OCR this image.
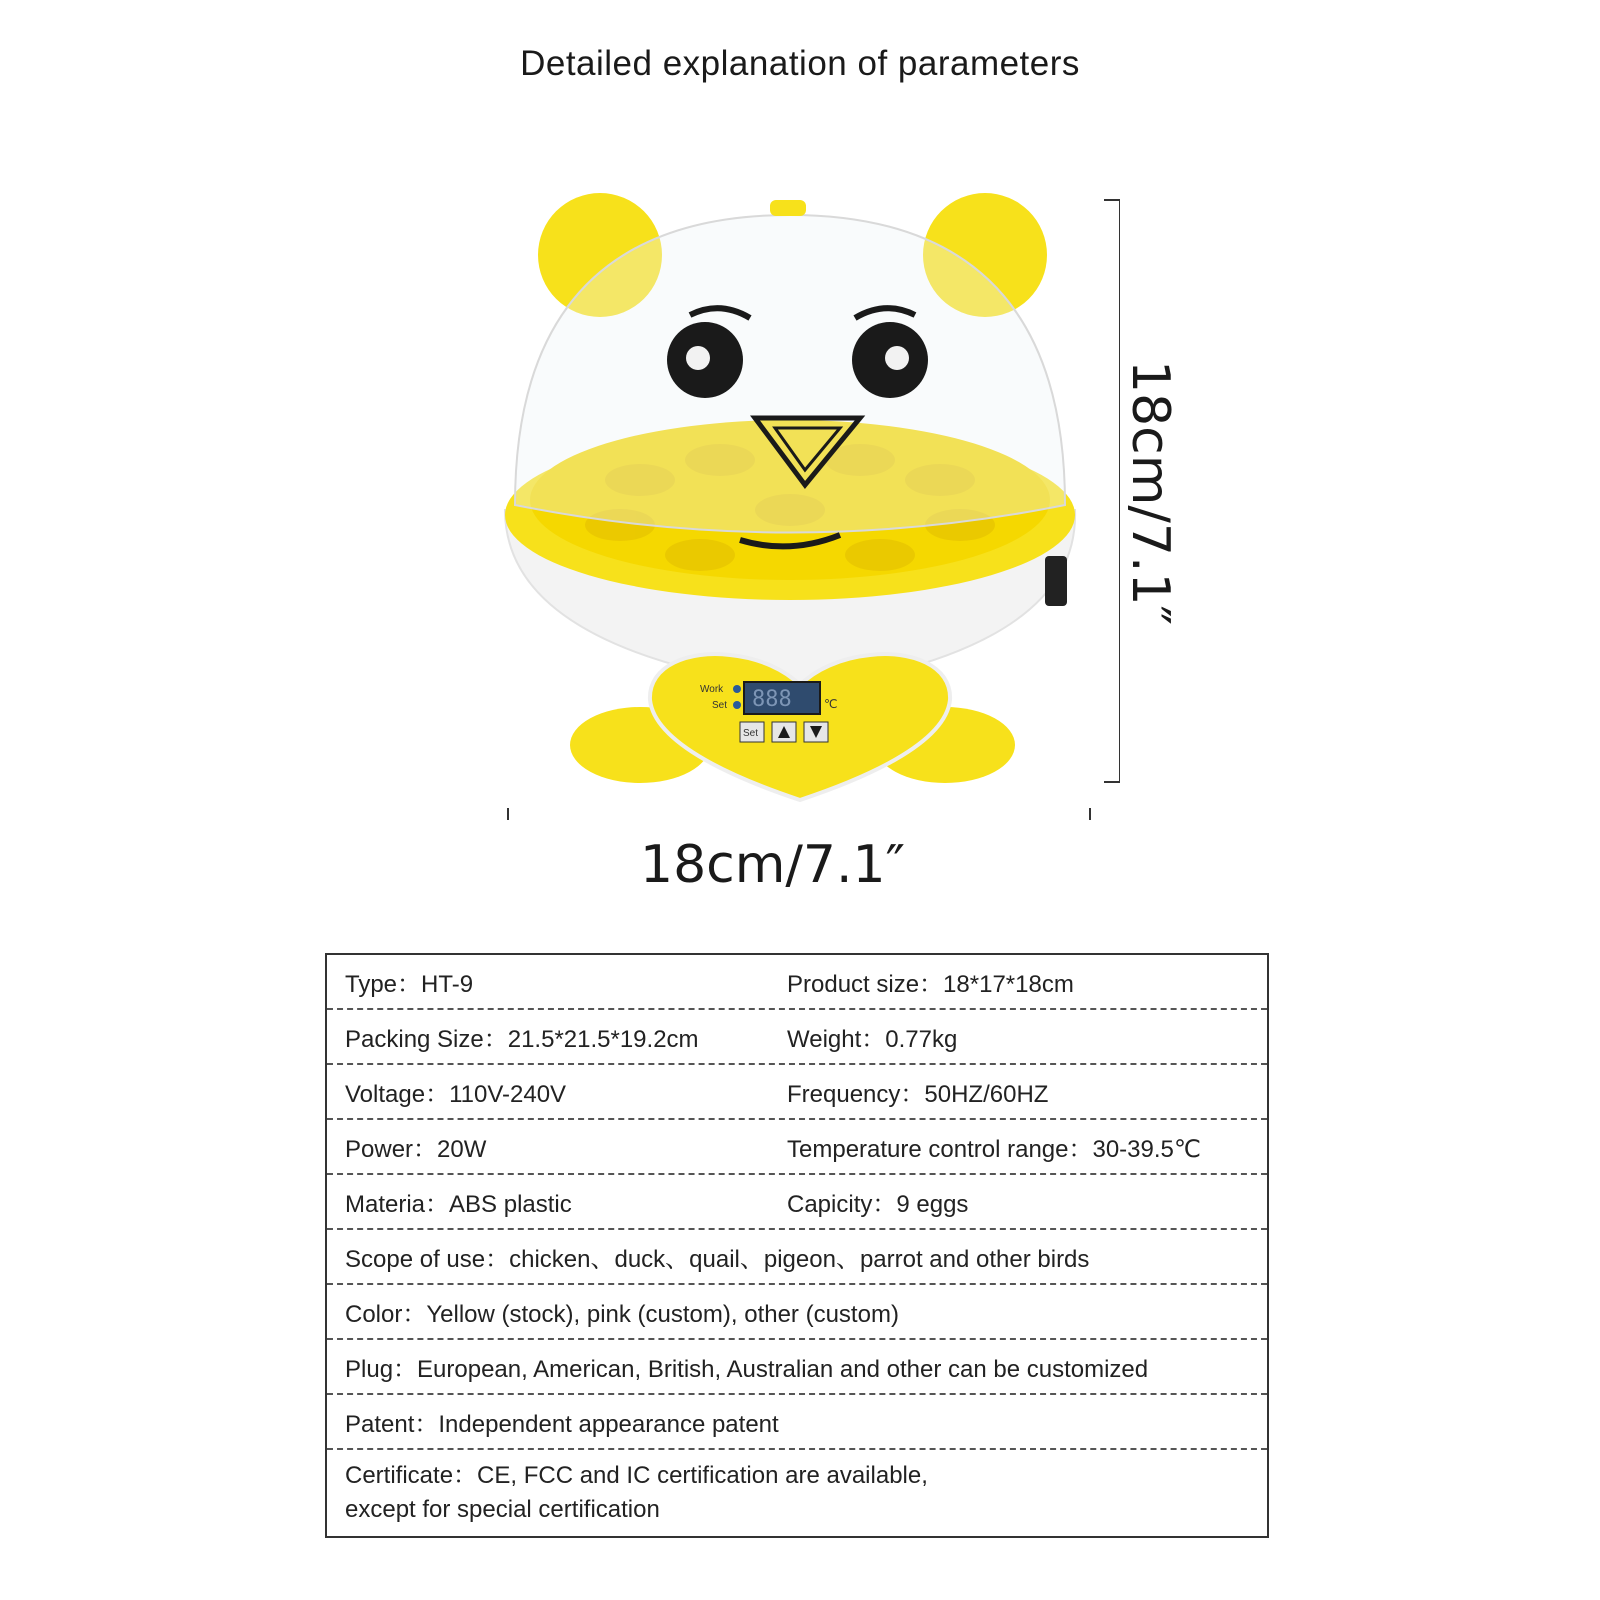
Detailed explanation of parameters
888
Work
Set	℃
Set
18cm/7.1″
18cm/7.1″
Type：HT-9	Product size：18*17*18cm
Packing Size：21.5*21.5*19.2cm	Weight：0.77kg
Voltage：110V-240V	Frequency：50HZ/60HZ
Power：20W	Temperature control range：30-39.5℃
Materia：ABS plastic	Capicity：9 eggs
Scope of use：chicken、duck、quail、pigeon、parrot and other birds
Color：Yellow (stock), pink (custom), other (custom)
Plug：European, American, British, Australian and other can be customized
Patent：Independent appearance patent
Certificate：CE, FCC and IC certification are available,
except for special certification
